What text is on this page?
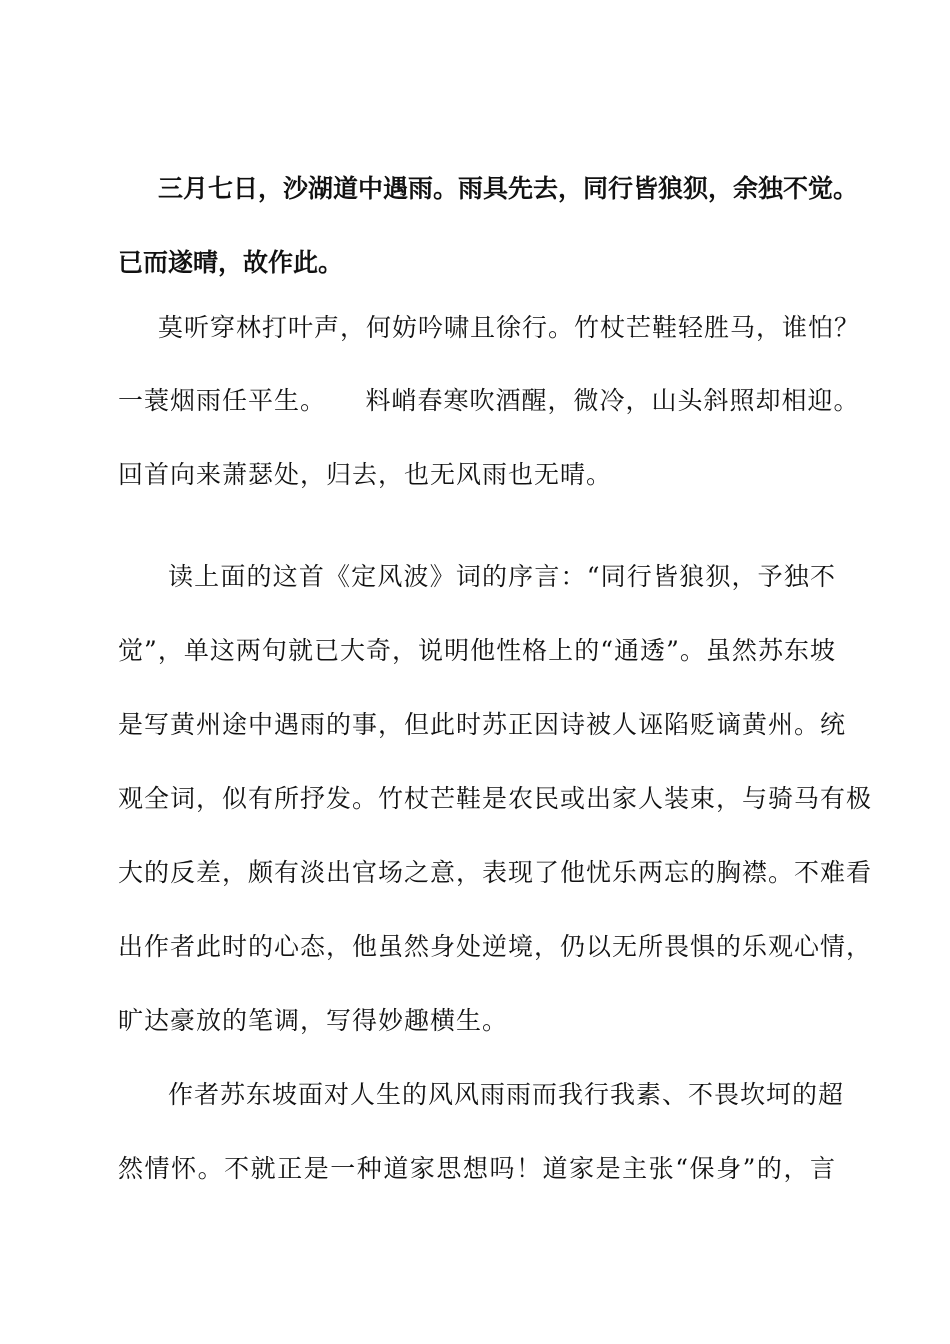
三月七日，沙湖道中遇雨。雨具先去，同行皆狼狈，余独不觉。
已而遂晴，故作此。
莫听穿林打叶声，何妨吟啸且徐行。竹杖芒鞋轻胜马，谁怕？
一蓑烟雨任平生。　　料峭春寒吹酒醒，微冷，山头斜照却相迎。
回首向来萧瑟处，归去，也无风雨也无晴。
读上面的这首《定风波》词的序言：“同行皆狼狈，予独不
觉”，单这两句就已大奇，说明他性格上的“通透”。虽然苏东坡
是写黄州途中遇雨的事，但此时苏正因诗被人诬陷贬谪黄州。统
观全词，似有所抒发。竹杖芒鞋是农民或出家人装束，与骑马有极
大的反差，颇有淡出官场之意，表现了他忧乐两忘的胸襟。不难看
出作者此时的心态，他虽然身处逆境，仍以无所畏惧的乐观心情，
旷达豪放的笔调，写得妙趣横生。
作者苏东坡面对人生的风风雨雨而我行我素、不畏坎坷的超
然情怀。不就正是一种道家思想吗！道家是主张“保身”的，言
